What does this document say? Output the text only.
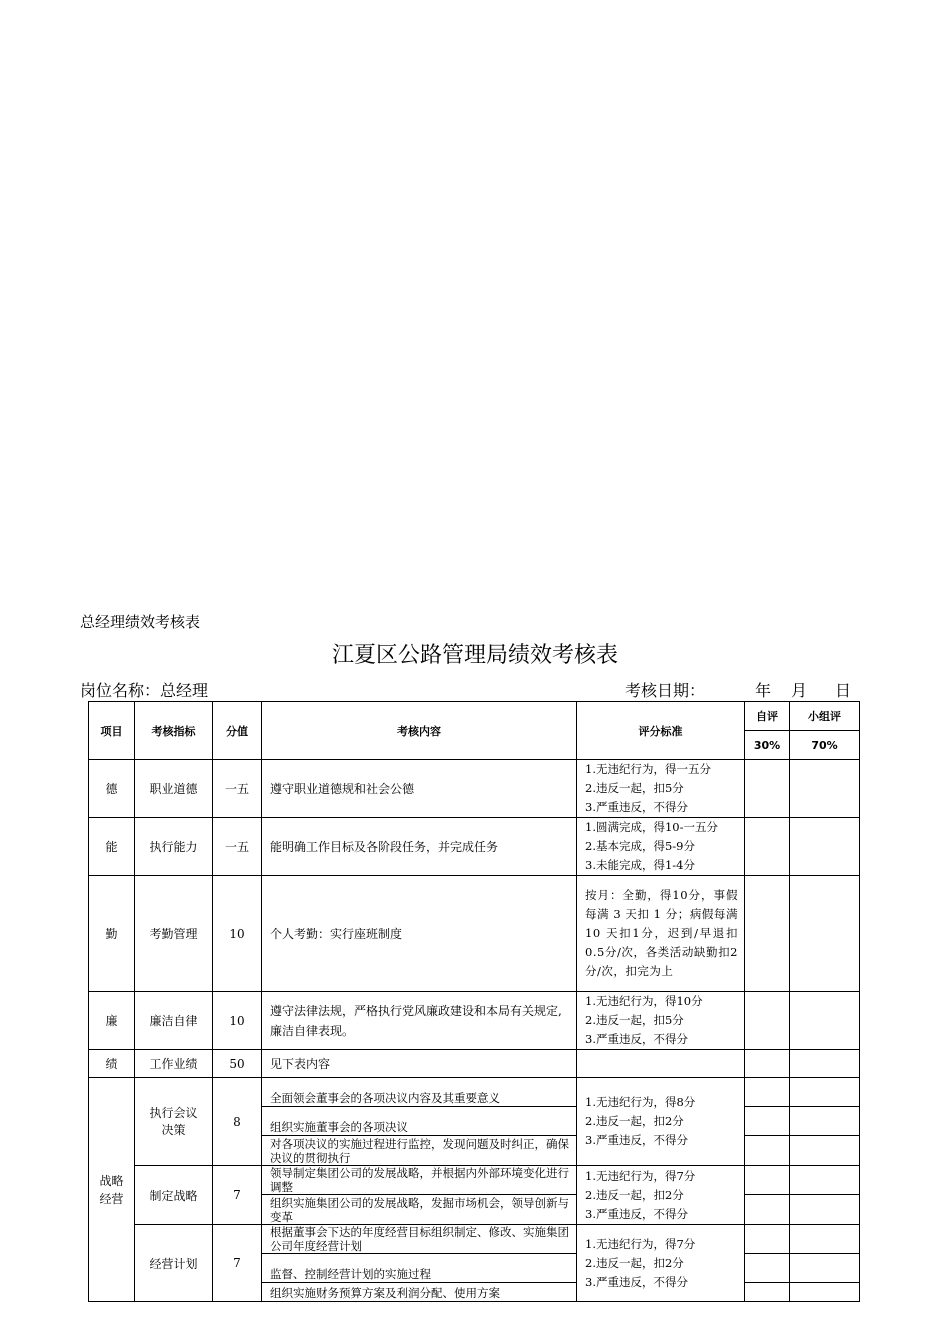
总经理绩效考核表
江夏区公路管理局绩效考核表
岗位名称：总经理	考核日期：	年 月 日
项目	考核指标	分值	考核内容	评分标准	自评	小组评
					30%	70%
德	职业道德	一五	遵守职业道德规和社会公德	1.无违纪行为，得一五分
2.违反一起，扣5分
3.严重违反，不得分		

能	执行能力	一五	能明确工作目标及各阶段任务，并完成任务	1.圆满完成，得10-一五分
2.基本完成，得5-9分
3.未能完成，得1-4分		

勤	考勤管理	10	个人考勤：实行座班制度	按月：全勤，得10分，事假每满 3 天扣 1 分；病假每满 10 天扣1分，迟到/早退扣0.5分/次，各类活动缺勤扣2分/次，扣完为上		
廉	廉洁自律	10	遵守法律法规，严格执行党风廉政建设和本局有关规定,廉洁自律表现。	1.无违纪行为，得10分
2.违反一起，扣5分
3.严重违反，不得分		

绩	工作业绩	50	见下表内容			
战略经营	执行会议决策	8	全面领会董事会的各项决议内容及其重要意义	1.无违纪行为，得8分
2.违反一起，扣2分
3.严重违反，不得分		

			组织实施董事会的各项决议			
			对各项决议的实施过程进行监控，发现问题及时纠正，确保决议的贯彻执行			
	制定战略	7	领导制定集团公司的发展战略，并根据内外部环境变化进行调整	1.无违纪行为，得7分
2.违反一起，扣2分
3.严重违反，不得分		

			组织实施集团公司的发展战略，发掘市场机会，领导创新与变革			
	经营计划	7	根据董事会下达的年度经营目标组织制定、修改、实施集团公司年度经营计划	1.无违纪行为，得7分
2.违反一起，扣2分
3.严重违反，不得分		

			监督、控制经营计划的实施过程			
			组织实施财务预算方案及利润分配、使用方案			
